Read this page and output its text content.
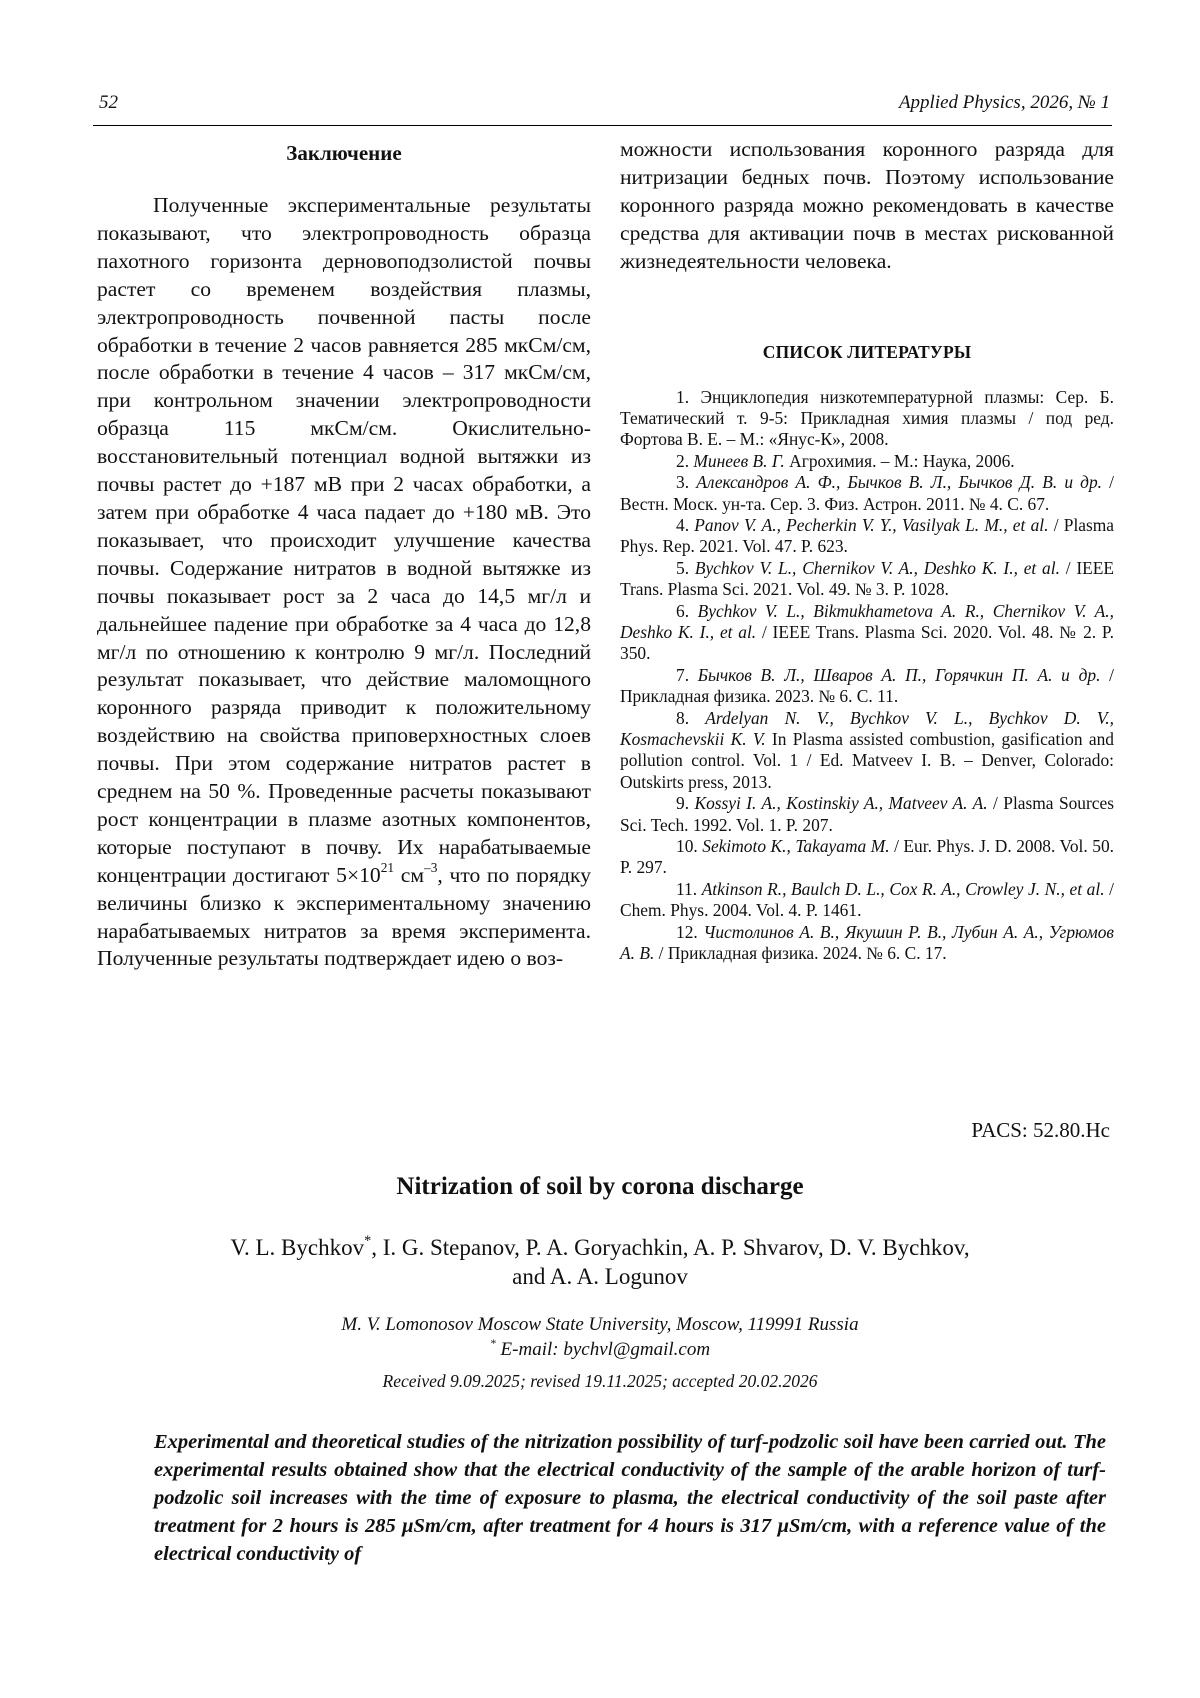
52	Applied Physics, 2026, № 1
Заключение

Полученные экспериментальные результаты показывают, что электропроводность образца пахотного горизонта дерновоподзолистой почвы растет со временем воздействия плазмы, электропроводность почвенной пасты после обработки в течение 2 часов равняется 285 мкСм/см, после обработки в течение 4 часов – 317 мкСм/см, при контрольном значении электропроводности образца 115 мкСм/см. Окислительно-восстановительный потенциал водной вытяжки из почвы растет до +187 мВ при 2 часах обработки, а затем при обработке 4 часа падает до +180 мВ. Это показывает, что происходит улучшение качества почвы. Содержание нитратов в водной вытяжке из почвы показывает рост за 2 часа до 14,5 мг/л и дальнейшее падение при обработке за 4 часа до 12,8 мг/л по отношению к контролю 9 мг/л. Последний результат показывает, что действие маломощного коронного разряда приводит к положительному воздействию на свойства приповерхностных слоев почвы. При этом содержание нитратов растет в среднем на 50 %. Проведенные расчеты показывают рост концентрации в плазме азотных компонентов, которые поступают в почву. Их нарабатываемые концентрации достигают $5\times 10^{21}$ $см^{-3}$, что по порядку величины близко к экспериментальному значению нарабатываемых нитратов за время эксперимента. Полученные результаты подтверждает идею о воз-

можности использования коронного разряда для нитризации бедных почв. Поэтому использование коронного разряда можно рекомендовать в качестве средства для активации почв в местах рискованной жизнедеятельности человека.

СПИСОК ЛИТЕРАТУРЫ

1. Энциклопедия низкотемпературной плазмы: Сер. Б. Тематический т. 9-5: Прикладная химия плазмы / под ред. Фортова В. Е. – М.: «Янус-К», 2008.

2. Минеев В. Г. Агрохимия. – М.: Наука, 2006.

3. Александров А. Ф., Бычков В. Л., Бычков Д. В. и др. / Вестн. Моск. ун-та. Сер. 3. Физ. Астрон. 2011. № 4. С. 67.

4. Panov V. A., Pecherkin V. Y., Vasilyak L. M., et al. / Plasma Phys. Rep. 2021. Vol. 47. P. 623.

5. Bychkov V. L., Chernikov V. A., Deshko K. I., et al. / IEEE Trans. Plasma Sci. 2021. Vol. 49. № 3. P. 1028.

6. Bychkov V. L., Bikmukhametova A. R., Chernikov V. A., Deshko K. I., et al. / IEEE Trans. Plasma Sci. 2020. Vol. 48. № 2. P. 350.

7. Бычков В. Л., Шваров А. П., Горячкин П. А. и др. / Прикладная физика. 2023. № 6. С. 11.

8. Ardelyan N. V., Bychkov V. L., Bychkov D. V., Kosmachevskii K. V. In Plasma assisted combustion, gasification and pollution control. Vol. 1 / Ed. Matveev I. B. – Denver, Colorado: Outskirts press, 2013.

9. Kossyi I. A., Kostinskiy A., Matveev A. A. / Plasma Sources Sci. Tech. 1992. Vol. 1. P. 207.

10. Sekimoto K., Takayama M. / Eur. Phys. J. D. 2008. Vol. 50. P. 297.

11. Atkinson R., Baulch D. L., Cox R. A., Crowley J. N., et al. / Chem. Phys. 2004. Vol. 4. P. 1461.

12. Чистолинов А. В., Якушин Р. В., Лубин А. А., Угрюмов А. В. / Прикладная физика. 2024. № 6. С. 17.

PACS: 52.80.Hc
Nitrization of soil by corona discharge
V. L. Bychkov*, I. G. Stepanov, P. A. Goryachkin, A. P. Shvarov, D. V. Bychkov,
and A. A. Logunov
M. V. Lomonosov Moscow State University, Moscow, 119991 Russia
* E-mail: bychvl@gmail.com
Received 9.09.2025; revised 19.11.2025; accepted 20.02.2026

Experimental and theoretical studies of the nitrization possibility of turf-podzolic soil have been carried out. The experimental results obtained show that the electrical conductivity of the sample of the arable horizon of turf-podzolic soil increases with the time of exposure to plasma, the electrical conductivity of the soil paste after treatment for 2 hours is 285 μSm/cm, after treatment for 4 hours is 317 μSm/cm, with a reference value of the electrical conductivity of
